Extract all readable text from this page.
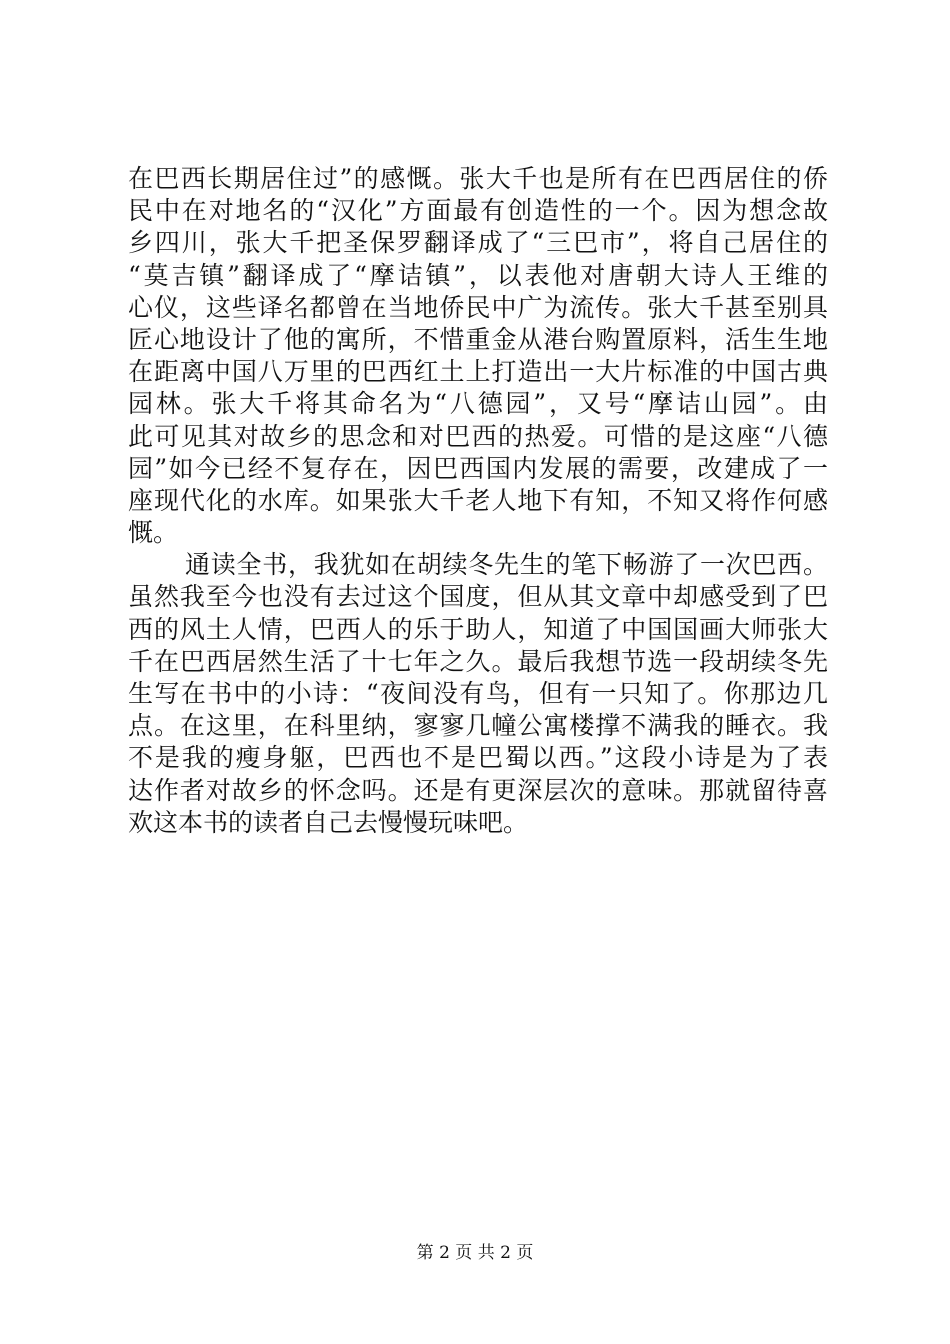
在巴西长期居住过”的感慨。张大千也是所有在巴西居住的侨
民中在对地名的“汉化”方面最有创造性的一个。因为想念故
乡四川，张大千把圣保罗翻译成了“三巴市”，将自己居住的
“莫吉镇”翻译成了“摩诘镇”，以表他对唐朝大诗人王维的
心仪，这些译名都曾在当地侨民中广为流传。张大千甚至别具
匠心地设计了他的寓所，不惜重金从港台购置原料，活生生地
在距离中国八万里的巴西红土上打造出一大片标准的中国古典
园林。张大千将其命名为“八德园”，又号“摩诘山园”。由
此可见其对故乡的思念和对巴西的热爱。可惜的是这座“八德
园”如今已经不复存在，因巴西国内发展的需要，改建成了一
座现代化的水库。如果张大千老人地下有知，不知又将作何感
慨。
通读全书，我犹如在胡续冬先生的笔下畅游了一次巴西。
虽然我至今也没有去过这个国度，但从其文章中却感受到了巴
西的风土人情，巴西人的乐于助人，知道了中国国画大师张大
千在巴西居然生活了十七年之久。最后我想节选一段胡续冬先
生写在书中的小诗：“夜间没有鸟，但有一只知了。你那边几
点。在这里，在科里纳，寥寥几幢公寓楼撑不满我的睡衣。我
不是我的瘦身躯，巴西也不是巴蜀以西。”这段小诗是为了表
达作者对故乡的怀念吗。还是有更深层次的意味。那就留待喜
欢这本书的读者自己去慢慢玩味吧。
第 2 页 共 2 页
